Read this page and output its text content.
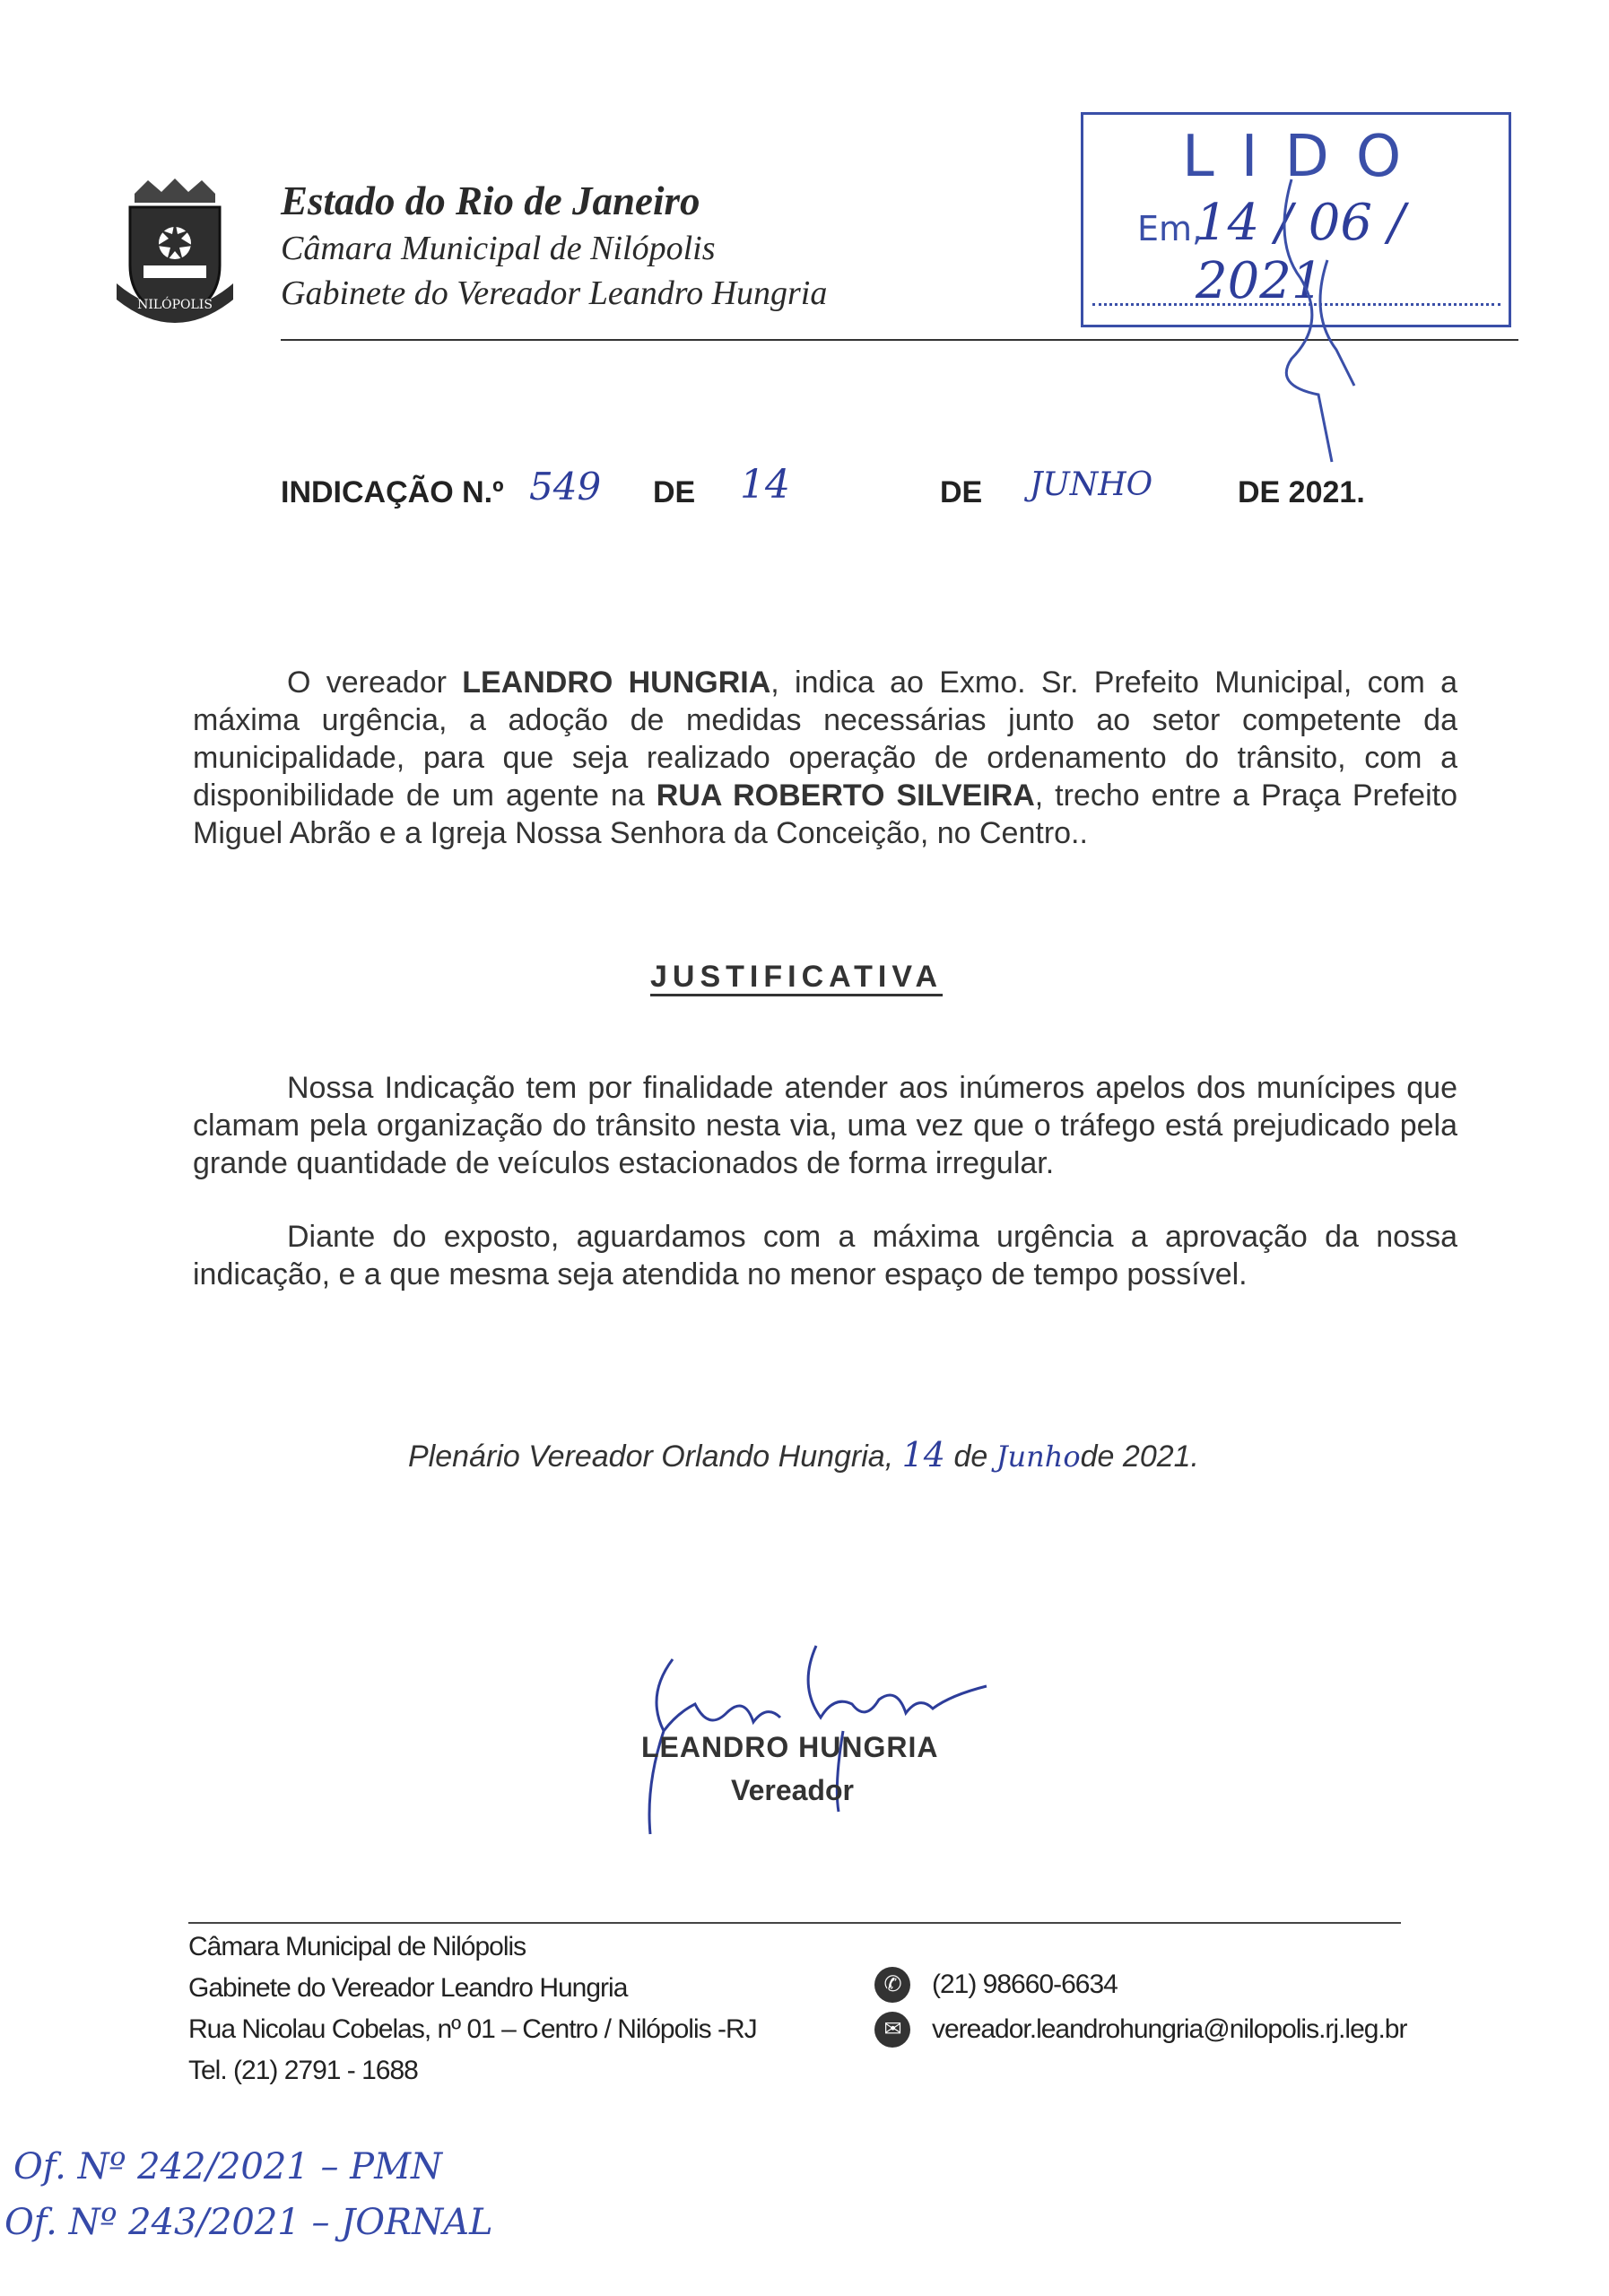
NILÓPOLIS
Estado do Rio de Janeiro
Câmara Municipal de Nilópolis
Gabinete do Vereador Leandro Hungria
LIDO
Em,
14 / 06 / 2021
INDICAÇÃO N.º 549 DE 14	DE JUNHO	DE 2021.
O vereador LEANDRO HUNGRIA, indica ao Exmo. Sr. Prefeito Municipal, com a máxima urgência, a adoção de medidas necessárias junto ao setor competente da municipalidade, para que seja realizado operação de ordenamento do trânsito, com a disponibilidade de um agente na RUA ROBERTO SILVEIRA, trecho entre a Praça Prefeito Miguel Abrão e a Igreja Nossa Senhora da Conceição, no Centro..
JUSTIFICATIVA
Nossa Indicação tem por finalidade atender aos inúmeros apelos dos munícipes que clamam pela organização do trânsito nesta via, uma vez que o tráfego está prejudicado pela grande quantidade de veículos estacionados de forma irregular.
Diante do exposto, aguardamos com a máxima urgência a aprovação da nossa indicação, e a que mesma seja atendida no menor espaço de tempo possível.
Plenário Vereador Orlando Hungria, 14 de Junhode 2021.
LEANDRO HUNGRIA
Vereador
Câmara Municipal de Nilópolis
Gabinete do Vereador Leandro Hungria
Rua Nicolau Cobelas, nº 01 – Centro / Nilópolis -RJ
Tel. (21) 2791 - 1688
✆	(21) 98660-6634
✉	vereador.leandrohungria@nilopolis.rj.leg.br
Of. Nº 242/2021 – PMN
Of. Nº 243/2021 – JORNAL
